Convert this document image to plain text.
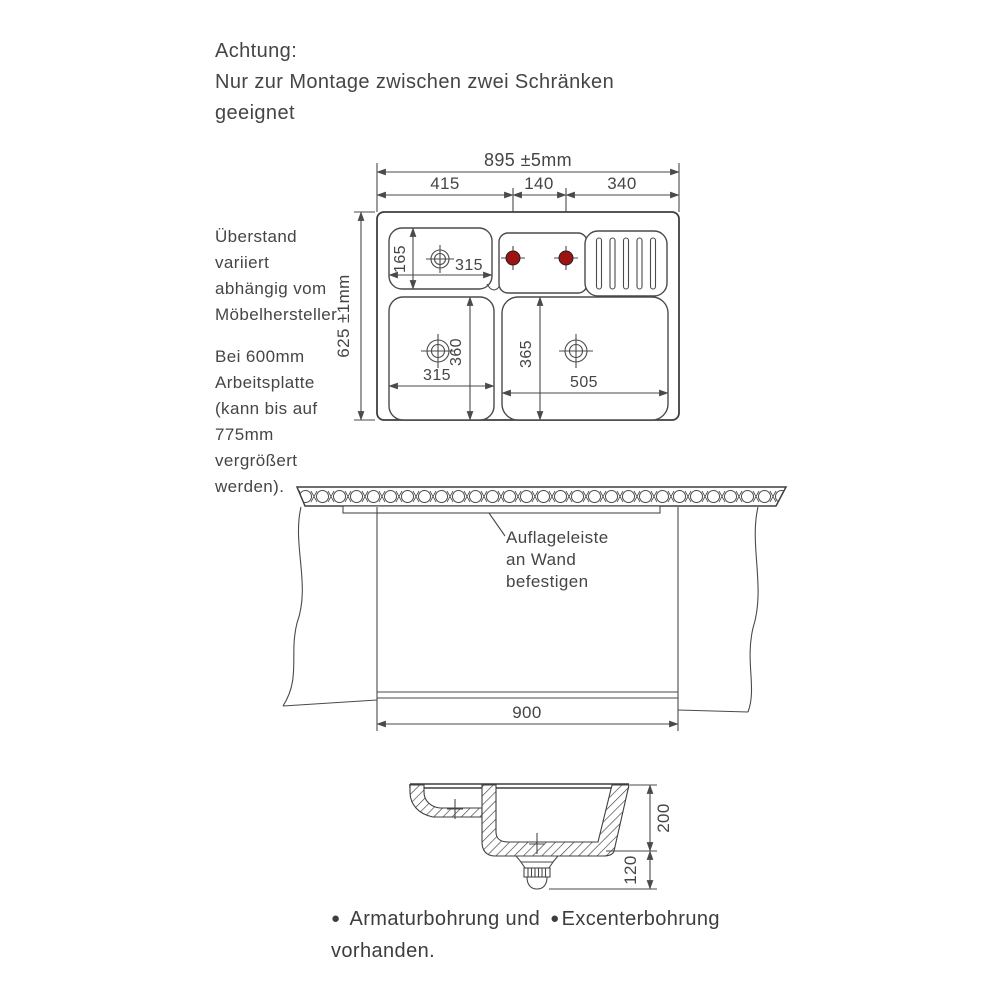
Achtung:
Nur zur Montage zwischen zwei Schränken
geeignet
Überstand
variiert
abhängig vom
Möbelhersteller.
Bei 600mm
Arbeitsplatte
(kann bis auf
775mm
vergrößert
werden).
● Armaturbohrung und ● Excenterbohrung
vorhanden.
895 ±5mm
415	140	340
625 ±1mm
165	315
360
315
365
505
Auflageleiste
an Wand
befestigen
900
200
120
